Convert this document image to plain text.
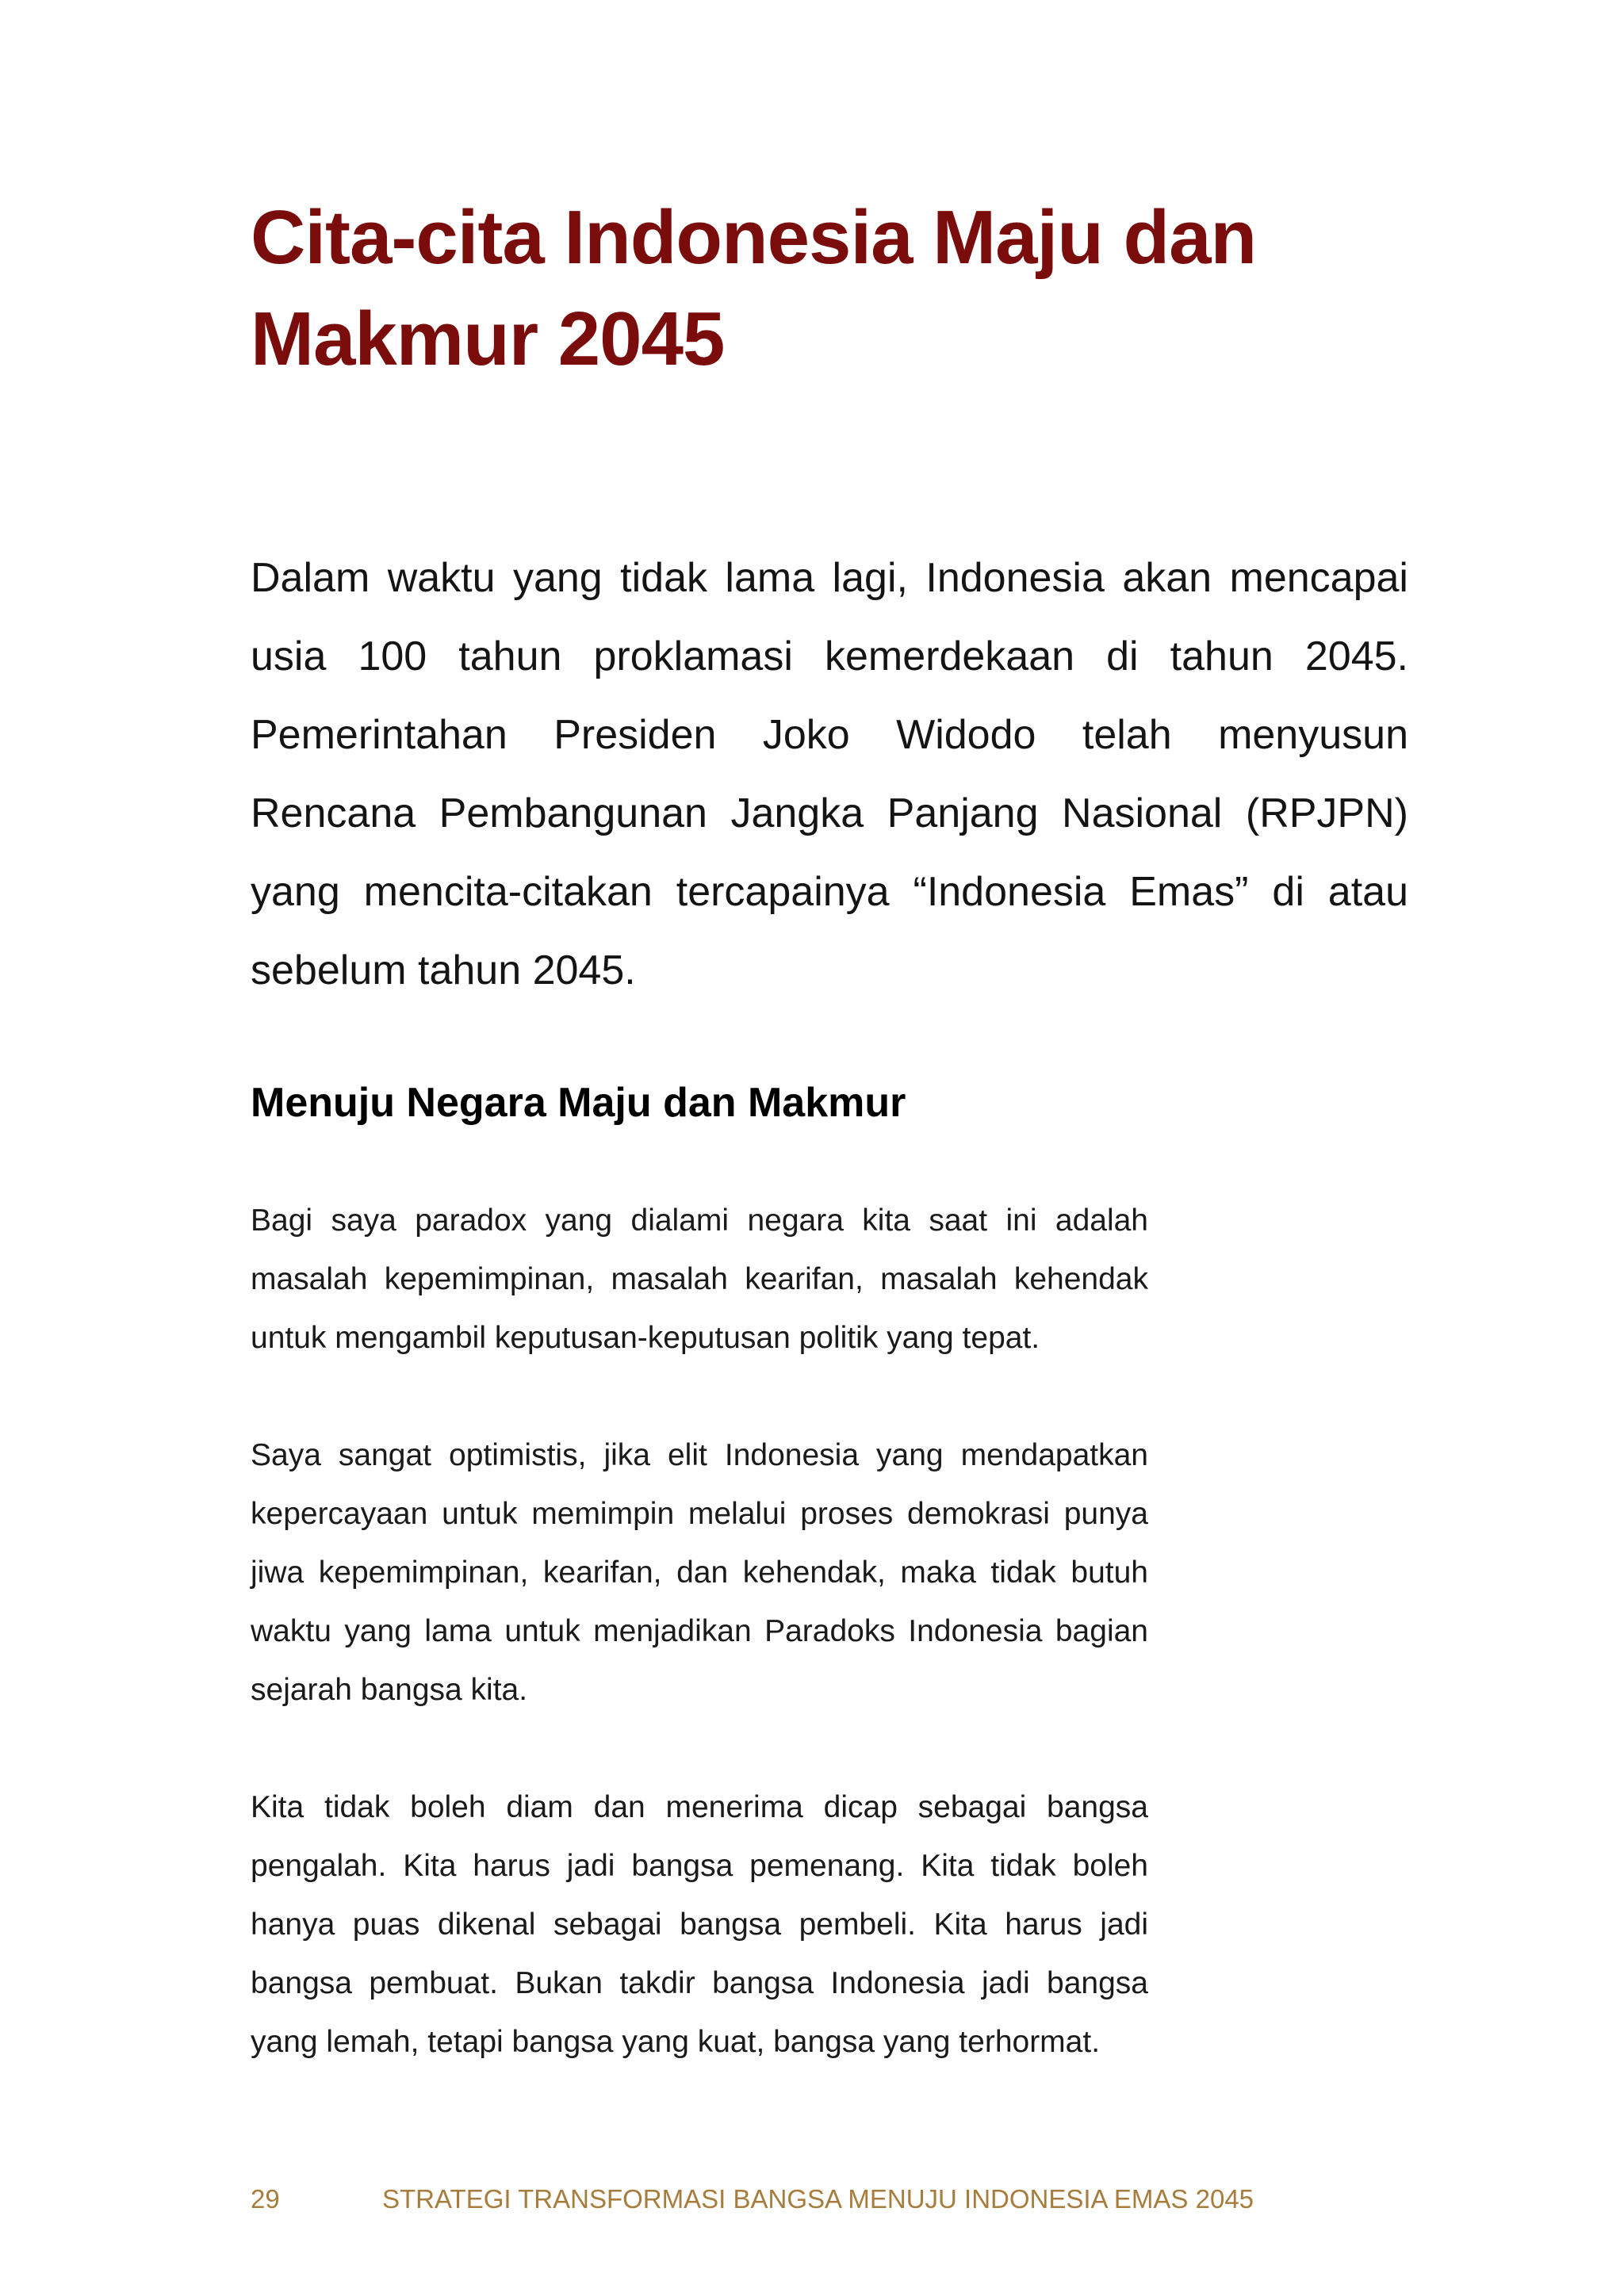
Cita-cita Indonesia Maju dan
Makmur 2045

Dalam waktu yang tidak lama lagi, Indonesia akan mencapai usia 100 tahun proklamasi kemerdekaan di tahun 2045. Pemerintahan Presiden Joko Widodo telah menyusun Rencana Pembangunan Jangka Panjang Nasional (RPJPN) yang mencita-citakan tercapainya “Indonesia Emas” di atau sebelum tahun 2045.

Menuju Negara Maju dan Makmur

Bagi saya paradox yang dialami negara kita saat ini adalah masalah kepemimpinan, masalah kearifan, masalah kehendak untuk mengambil keputusan-keputusan politik yang tepat.

Saya sangat optimistis, jika elit Indonesia yang mendapatkan kepercayaan untuk memimpin melalui proses demokrasi punya jiwa kepemimpinan, kearifan, dan kehendak, maka tidak butuh waktu yang lama untuk menjadikan Paradoks Indonesia bagian sejarah bangsa kita.

Kita tidak boleh diam dan menerima dicap sebagai bangsa pengalah. Kita harus jadi bangsa pemenang. Kita tidak boleh hanya puas dikenal sebagai bangsa pembeli. Kita harus jadi bangsa pembuat. Bukan takdir bangsa Indonesia jadi bangsa yang lemah, tetapi bangsa yang kuat, bangsa yang terhormat.

29	STRATEGI TRANSFORMASI BANGSA MENUJU INDONESIA EMAS 2045
